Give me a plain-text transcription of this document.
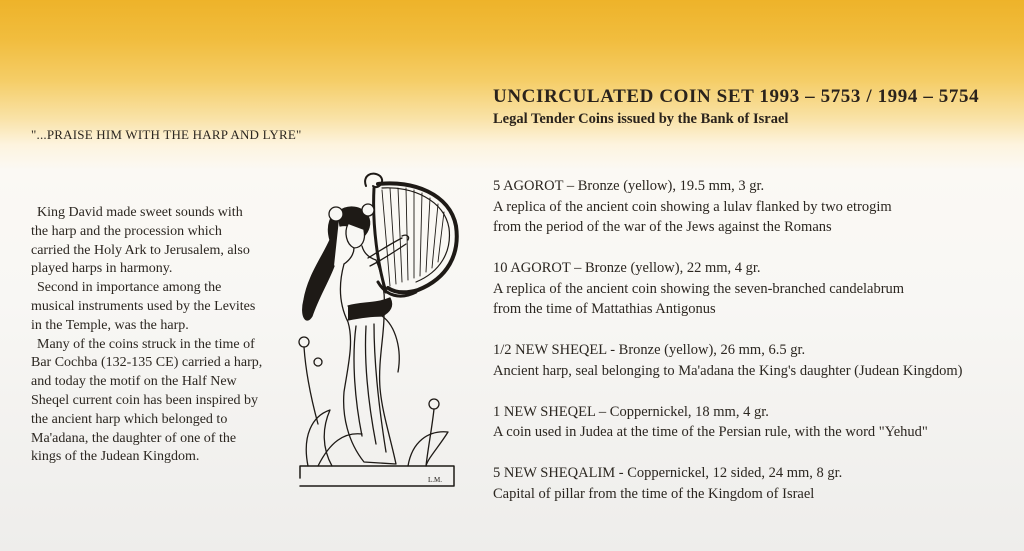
"...PRAISE HIM WITH THE HARP AND LYRE"

King David made sweet sounds with the harp and the procession which carried the Holy Ark to Jerusalem, also played harps in harmony.

Second in importance among the musical instruments used by the Levites in the Temple, was the harp.

Many of the coins struck in the time of Bar Cochba (132-135 CE) carried a harp, and today the motif on the Half New Sheqel current coin has been inspired by the ancient harp which belonged to Ma'adana, the daughter of one of the kings of the Judean Kingdom.

L.M.
UNCIRCULATED COIN SET 1993 – 5753 / 1994 – 5754
Legal Tender Coins issued by the Bank of Israel
5 AGOROT – Bronze (yellow), 19.5 mm, 3 gr.
A replica of the ancient coin showing a lulav flanked by two etrogim
from the period of the war of the Jews against the Romans
10 AGOROT – Bronze (yellow), 22 mm, 4 gr.
A replica of the ancient coin showing the seven-branched candelabrum
from the time of Mattathias Antigonus
1/2 NEW SHEQEL - Bronze (yellow), 26 mm, 6.5 gr.
Ancient harp, seal belonging to Ma'adana the King's daughter (Judean Kingdom)
1 NEW SHEQEL – Coppernickel, 18 mm, 4 gr.
A coin used in Judea at the time of the Persian rule, with the word "Yehud"
5 NEW SHEQALIM - Coppernickel, 12 sided, 24 mm, 8 gr.
Capital of pillar from the time of the Kingdom of Israel
